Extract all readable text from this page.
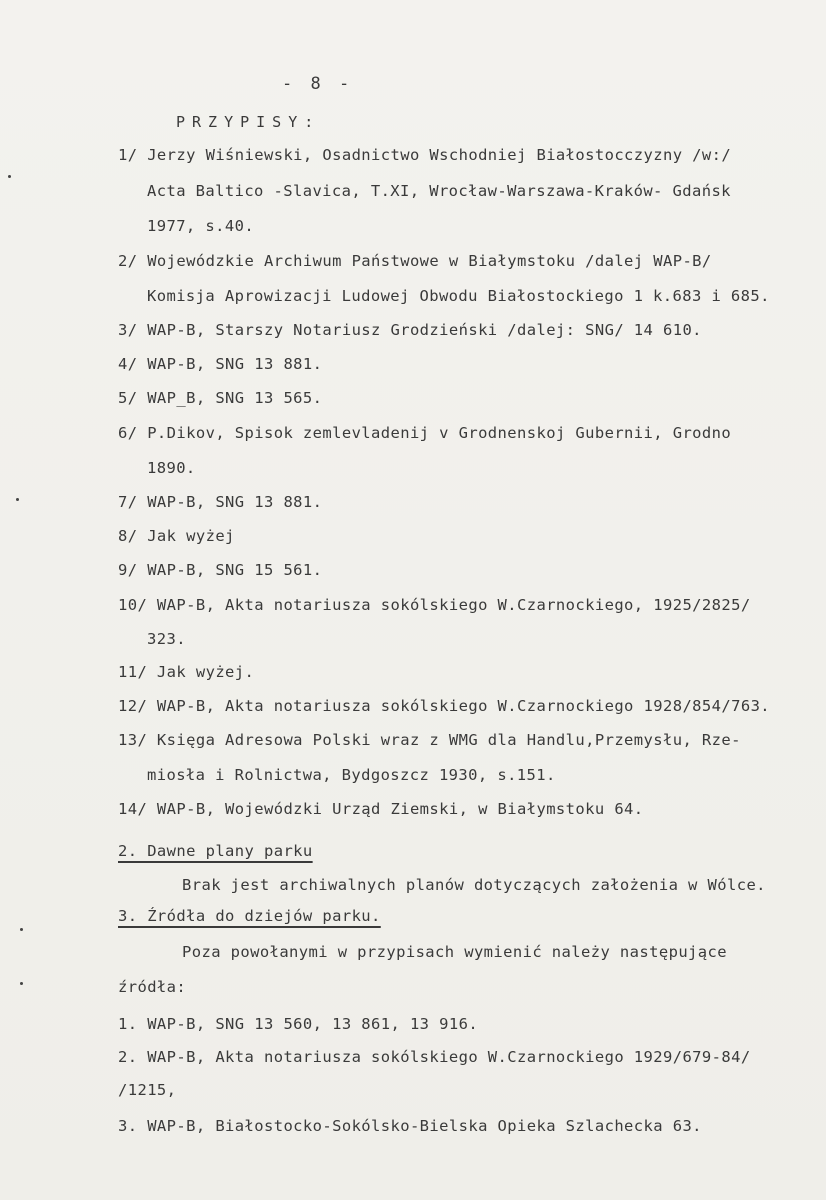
- 8 -
PRZYPISY:
1/ Jerzy Wiśniewski, Osadnictwo Wschodniej Białostocczyzny /w:/
Acta Baltico -Slavica, T.XI, Wrocław-Warszawa-Kraków- Gdańsk
1977, s.40.
2/ Wojewódzkie Archiwum Państwowe w Białymstoku /dalej WAP-B/
Komisja Aprowizacji Ludowej Obwodu Białostockiego 1 k.683 i 685.
3/ WAP-B, Starszy Notariusz Grodzieński /dalej: SNG/ 14 610.
4/ WAP-B, SNG 13 881.
5/ WAP_B, SNG 13 565.
6/ P.Dikov, Spisok zemlevladenij v Grodnenskoj Gubernii, Grodno
1890.
7/ WAP-B, SNG 13 881.
8/ Jak wyżej
9/ WAP-B, SNG 15 561.
10/ WAP-B, Akta notariusza sokólskiego W.Czarnockiego, 1925/2825/
323.
11/ Jak wyżej.
12/ WAP-B, Akta notariusza sokólskiego W.Czarnockiego 1928/854/763.
13/ Księga Adresowa Polski wraz z WMG dla Handlu,Przemysłu, Rze-
miosła i Rolnictwa, Bydgoszcz 1930, s.151.
14/ WAP-B, Wojewódzki Urząd Ziemski, w Białymstoku 64.
2. Dawne plany parku
Brak jest archiwalnych planów dotyczących założenia w Wólce.
3. Źródła do dziejów parku.
Poza powołanymi w przypisach wymienić należy następujące
źródła:
1. WAP-B, SNG 13 560, 13 861, 13 916.
2. WAP-B, Akta notariusza sokólskiego W.Czarnockiego 1929/679-84/
/1215,
3. WAP-B, Białostocko-Sokólsko-Bielska Opieka Szlachecka 63.
